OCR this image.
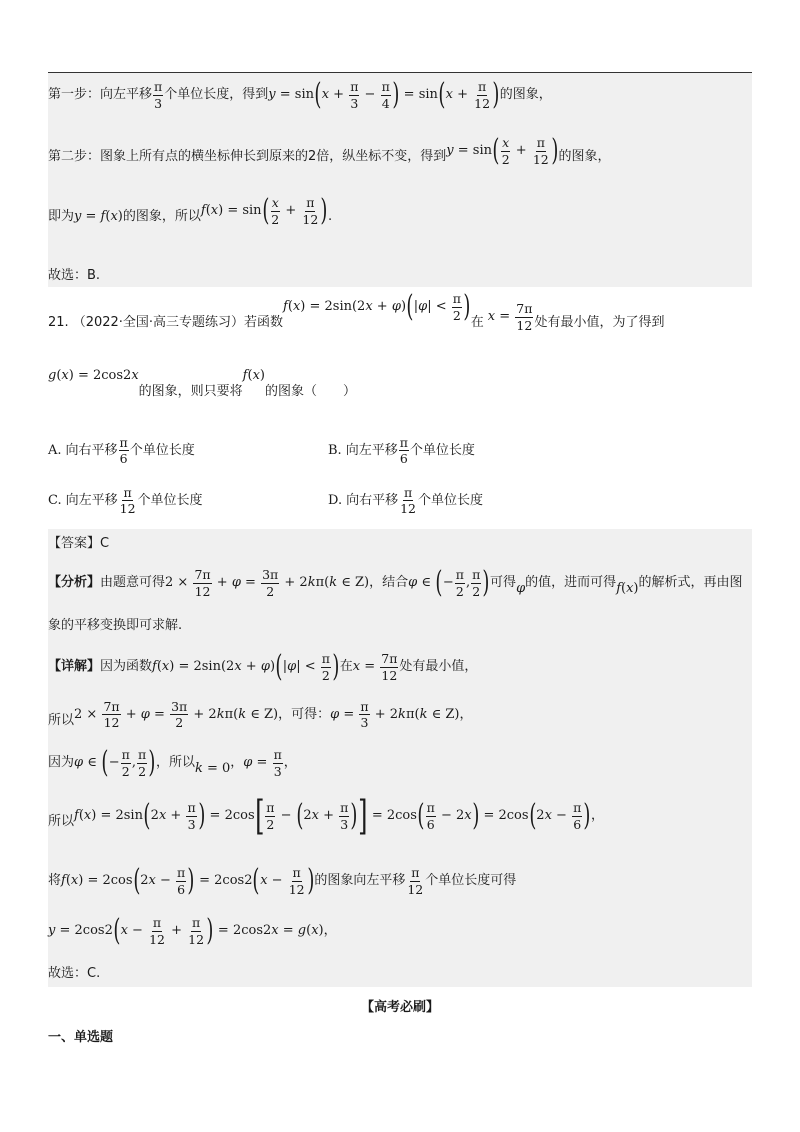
第一步：向左平移 $\frac{\pi}{3}$ 个单位长度，得到 y = sin ( $x + \frac{\pi}{3} - \frac{\pi}{4}$ ) = sin ( $x + \frac{\pi}{12}$ ) 的图象，
第二步：图象上所有点的横坐标伸长到原来的2倍，纵坐标不变，得到 y = sin ( $\frac{x}{2} + \frac{\pi}{12}$ ) 的图象，
即为 y = f ( x ) 的图象，所以 f ( x ) = sin ( $\frac{x}{2} + \frac{\pi}{12}$ ) .
故选：B.
21. （2022·全国·高三专题练习）若函数
f ( x ) = 2sin(2 x + φ ) ( | φ | < $\frac{\pi}{2}$ ) 在 $x = \frac{7\pi}{12}$ 处有最小值，为了得到
g ( x ) = 2cos2 x
的图象，则只要将
f ( x )
的图象（　　）
A. 向右平移 $\frac{\pi}{6}$ 个单位长度	B. 向左平移 $\frac{\pi}{6}$ 个单位长度
C. 向左平移 $\frac{\pi}{12}$ 个单位长度	D. 向右平移 $\frac{\pi}{12}$ 个单位长度
【答案】C
【分析】 由题意可得 $2 \times \frac{7\pi}{12} + \varphi = \frac{3\pi}{2} + 2$ k π( k ∈ Z) ，结合 φ ∈ ( − $\frac{\pi}{2}$ , $\frac{\pi}{2}$ ) 可得 φ 的值，进而可得 f ( x ) 的解析式，再由图
象的平移变换即可求解.
【详解】 因为函数 f ( x ) = 2sin(2 x + φ ) ( | φ | < $\frac{\pi}{2}$ ) 在 $x = \frac{7\pi}{12}$ 处有最小值，
所以 $2 \times \frac{7\pi}{12} + \varphi = \frac{3\pi}{2} + 2$ k π( k ∈ Z) ，可得： $\varphi = \frac{\pi}{3} + 2$ k π( k ∈ Z) ，
因为 φ ∈ ( − $\frac{\pi}{2}$ , $\frac{\pi}{2}$ ) ，所以 k = 0 ， $\varphi = \frac{\pi}{3}$ ，
所以 f ( x ) = 2sin ( 2 $x + \frac{\pi}{3}$ ) = 2cos [ $\frac{\pi}{2}$ − ( 2 $x + \frac{\pi}{3}$ ) ] = 2cos ( $\frac{\pi}{6} - 2$ x ) = 2cos ( 2 $x - \frac{\pi}{6}$ ) ，
将 f ( x ) = 2cos ( 2 $x - \frac{\pi}{6}$ ) = 2cos2 ( $x - \frac{\pi}{12}$ ) 的图象向左平移 $\frac{\pi}{12}$ 个单位长度可得
y = 2cos2 ( $x - \frac{\pi}{12} + \frac{\pi}{12}$ ) = 2cos2 x = g ( x ) ，
故选：C.
【高考必刷】
一、单选题
